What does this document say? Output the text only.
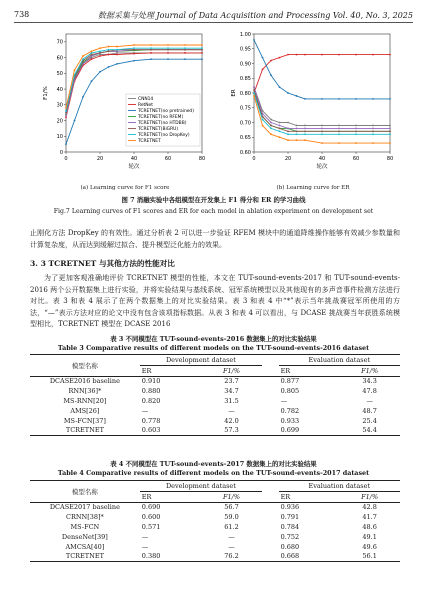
738	数据采集与处理 Journal of Data Acquisition and Processing Vol. 40, No. 3, 2025
0	20	40	60	80
70
60
50
40
30
20
10
0
轮次
F1/%	CNN14
RetNet
TCRETNET(no pretrained)
TCRETNET(no RFEM)
TCRETNET(no HTDBB)
TCRETNET(BiGRU)
TCRETNET(no DropKey)
TCRETNET
(a) Learning curve for F1 score
0	20	40	60	80
1.00
0.95
0.90
0.85
0.80
0.75
0.70
0.65
0.60
轮次
ER
(b) Learning curve for ER
图 7 消融实验中各组模型在开发集上 F1 得分和 ER 的学习曲线
Fig.7 Learning curves of F1 scores and ER for each model in ablation experiment on development set
止刚化方法 DropKey 的有效性。通过分析表 2 可以进一步验证 RFEM 模块中的通道降维操作能够有效减少参数量和计算复杂度，从而达到缓解过拟合、提升模型泛化能力的效果。
3. 3 TCRETNET 与其他方法的性能对比
为了更加客观准确地评价 TCRETNET 模型的性能，本文在 TUT-sound-events-2017 和 TUT-sound-events-2016 两个公开数据集上进行实验，并将实验结果与基线系统、冠军系统模型以及其他现有的多声音事件检测方法进行对比。表 3 和表 4 展示了在两个数据集上的对比实验结果。表 3 和表 4 中“*”表示当年挑战赛冠军所使用的方法，“—”表示方法对应的论文中没有包含该项指标数据。从表 3 和表 4 可以看出，与 DCASE 挑战赛当年获胜系统模型相比，TCRETNET 模型在 DCASE 2016
表 3 不同模型在 TUT-sound-events-2016 数据集上的对比实验结果
Table 3 Comparative results of different models on the TUT-sound-events-2016 dataset
模型名称	Development dataset			Evaluation dataset	
	ER	F1/%		ER	F1/%
DCASE2016 baseline	0.910	23.7		0.877	34.3
RNN[36]*	0.880	34.7		0.805	47.8
MS-RNN[20]	0.820	31.5		—	—
AMS[26]	—	—		0.782	48.7
MS-FCN[37]	0.778	42.0		0.933	25.4
TCRETNET	0.603	57.3		0.699	54.4
表 4 不同模型在 TUT-sound-events-2017 数据集上的对比实验结果
Table 4 Comparative results of different models on the TUT-sound-events-2017 dataset
模型名称	Development dataset			Evaluation dataset	
	ER	F1/%		ER	F1/%
DCASE2017 baseline	0.690	56.7		0.936	42.8
CRNN[38]*	0.600	59.0		0.791	41.7
MS-FCN	0.571	61.2		0.784	48.6
DenseNet[39]	—	—		0.752	49.1
AMCSA[40]	—	—		0.680	49.6
TCRETNET	0.380	76.2		0.668	56.1
